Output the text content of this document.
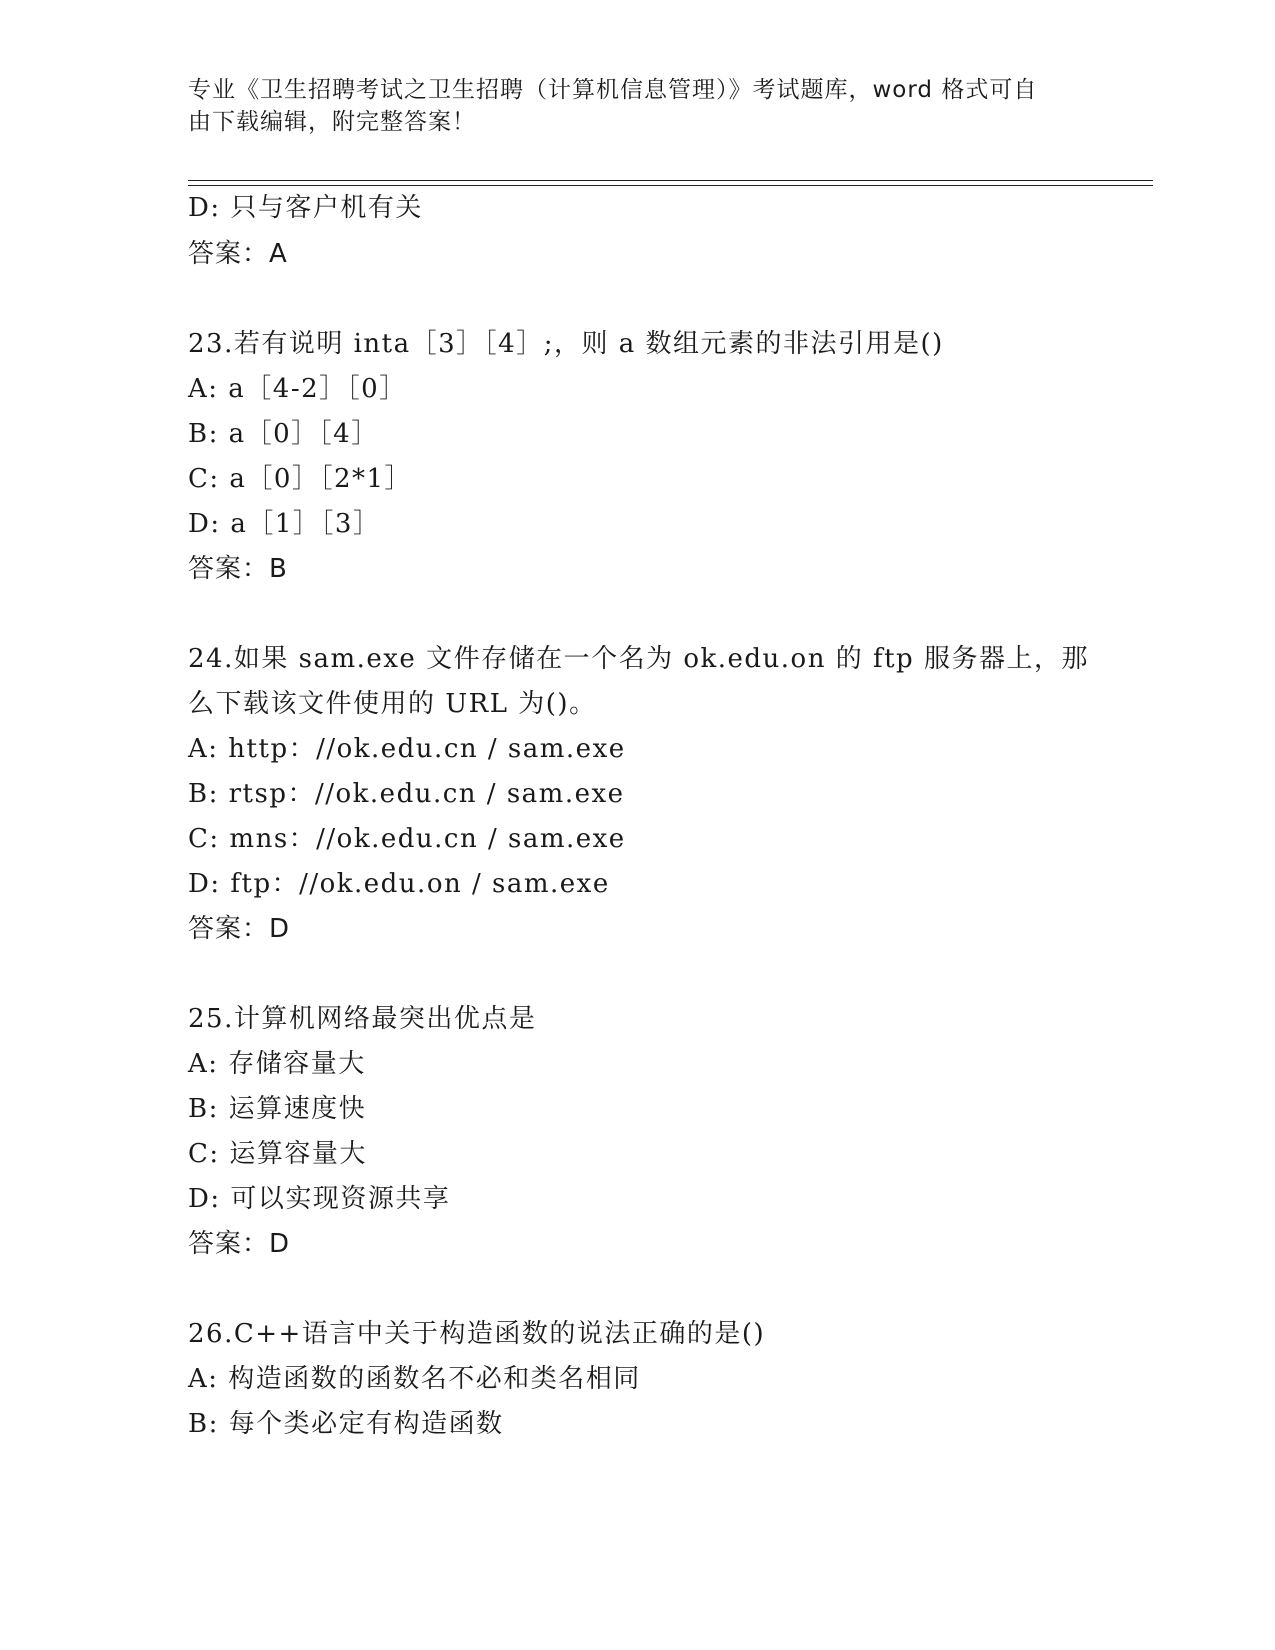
专业《卫生招聘考试之卫生招聘（计算机信息管理）》考试题库，word 格式可自
由下载编辑，附完整答案！
D: 只与客户机有关
答案：A
23.若有说明 inta［3］［4］;，则 a 数组元素的非法引用是()
A: a［4-2］［0］
B: a［0］［4］
C: a［0］［2*1］
D: a［1］［3］
答案：B
24.如果 sam.exe 文件存储在一个名为 ok.edu.on 的 ftp 服务器上，那
么下载该文件使用的 URL 为()。
A: http：//ok.edu.cn / sam.exe
B: rtsp：//ok.edu.cn / sam.exe
C: mns：//ok.edu.cn / sam.exe
D: ftp：//ok.edu.on / sam.exe
答案：D
25.计算机网络最突出优点是
A: 存储容量大
B: 运算速度快
C: 运算容量大
D: 可以实现资源共享
答案：D
26.C++语言中关于构造函数的说法正确的是()
A: 构造函数的函数名不必和类名相同
B: 每个类必定有构造函数
